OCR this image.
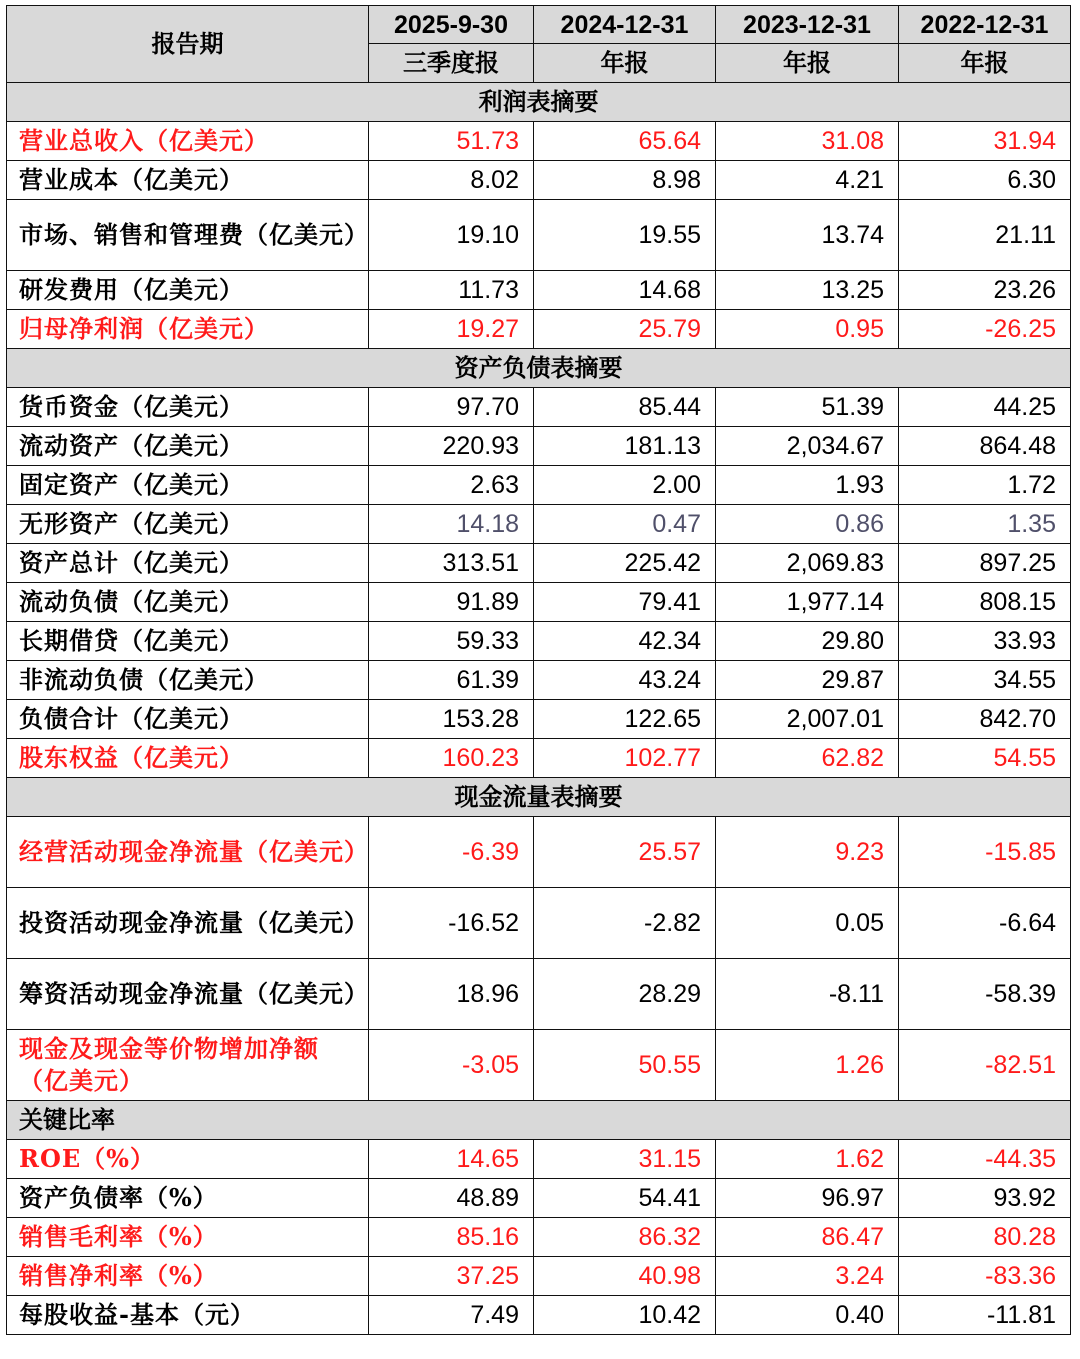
报告期	2025-9-30	2024-12-31	2023-12-31	2022-12-31
	三季度报	年报	年报	年报
利润表摘要				
营业总收入（亿美元）	51.73	65.64	31.08	31.94
营业成本（亿美元）	8.02	8.98	4.21	6.30
市场、销售和管理费（亿美元）	19.10	19.55	13.74	21.11
研发费用（亿美元）	11.73	14.68	13.25	23.26
归母净利润（亿美元）	19.27	25.79	0.95	-26.25
资产负债表摘要				
货币资金（亿美元）	97.70	85.44	51.39	44.25
流动资产（亿美元）	220.93	181.13	2,034.67	864.48
固定资产（亿美元）	2.63	2.00	1.93	1.72
无形资产（亿美元）	14.18	0.47	0.86	1.35
资产总计（亿美元）	313.51	225.42	2,069.83	897.25
流动负债（亿美元）	91.89	79.41	1,977.14	808.15
长期借贷（亿美元）	59.33	42.34	29.80	33.93
非流动负债（亿美元）	61.39	43.24	29.87	34.55
负债合计（亿美元）	153.28	122.65	2,007.01	842.70
股东权益（亿美元）	160.23	102.77	62.82	54.55
现金流量表摘要				
经营活动现金净流量（亿美元）	-6.39	25.57	9.23	-15.85
投资活动现金净流量（亿美元）	-16.52	-2.82	0.05	-6.64
筹资活动现金净流量（亿美元）	18.96	28.29	-8.11	-58.39
现金及现金等价物增加净额（亿美元）	-3.05	50.55	1.26	-82.51
关键比率				
ROE（%）	14.65	31.15	1.62	-44.35
资产负债率（%）	48.89	54.41	96.97	93.92
销售毛利率（%）	85.16	86.32	86.47	80.28
销售净利率（%）	37.25	40.98	3.24	-83.36
每股收益-基本（元）	7.49	10.42	0.40	-11.81
